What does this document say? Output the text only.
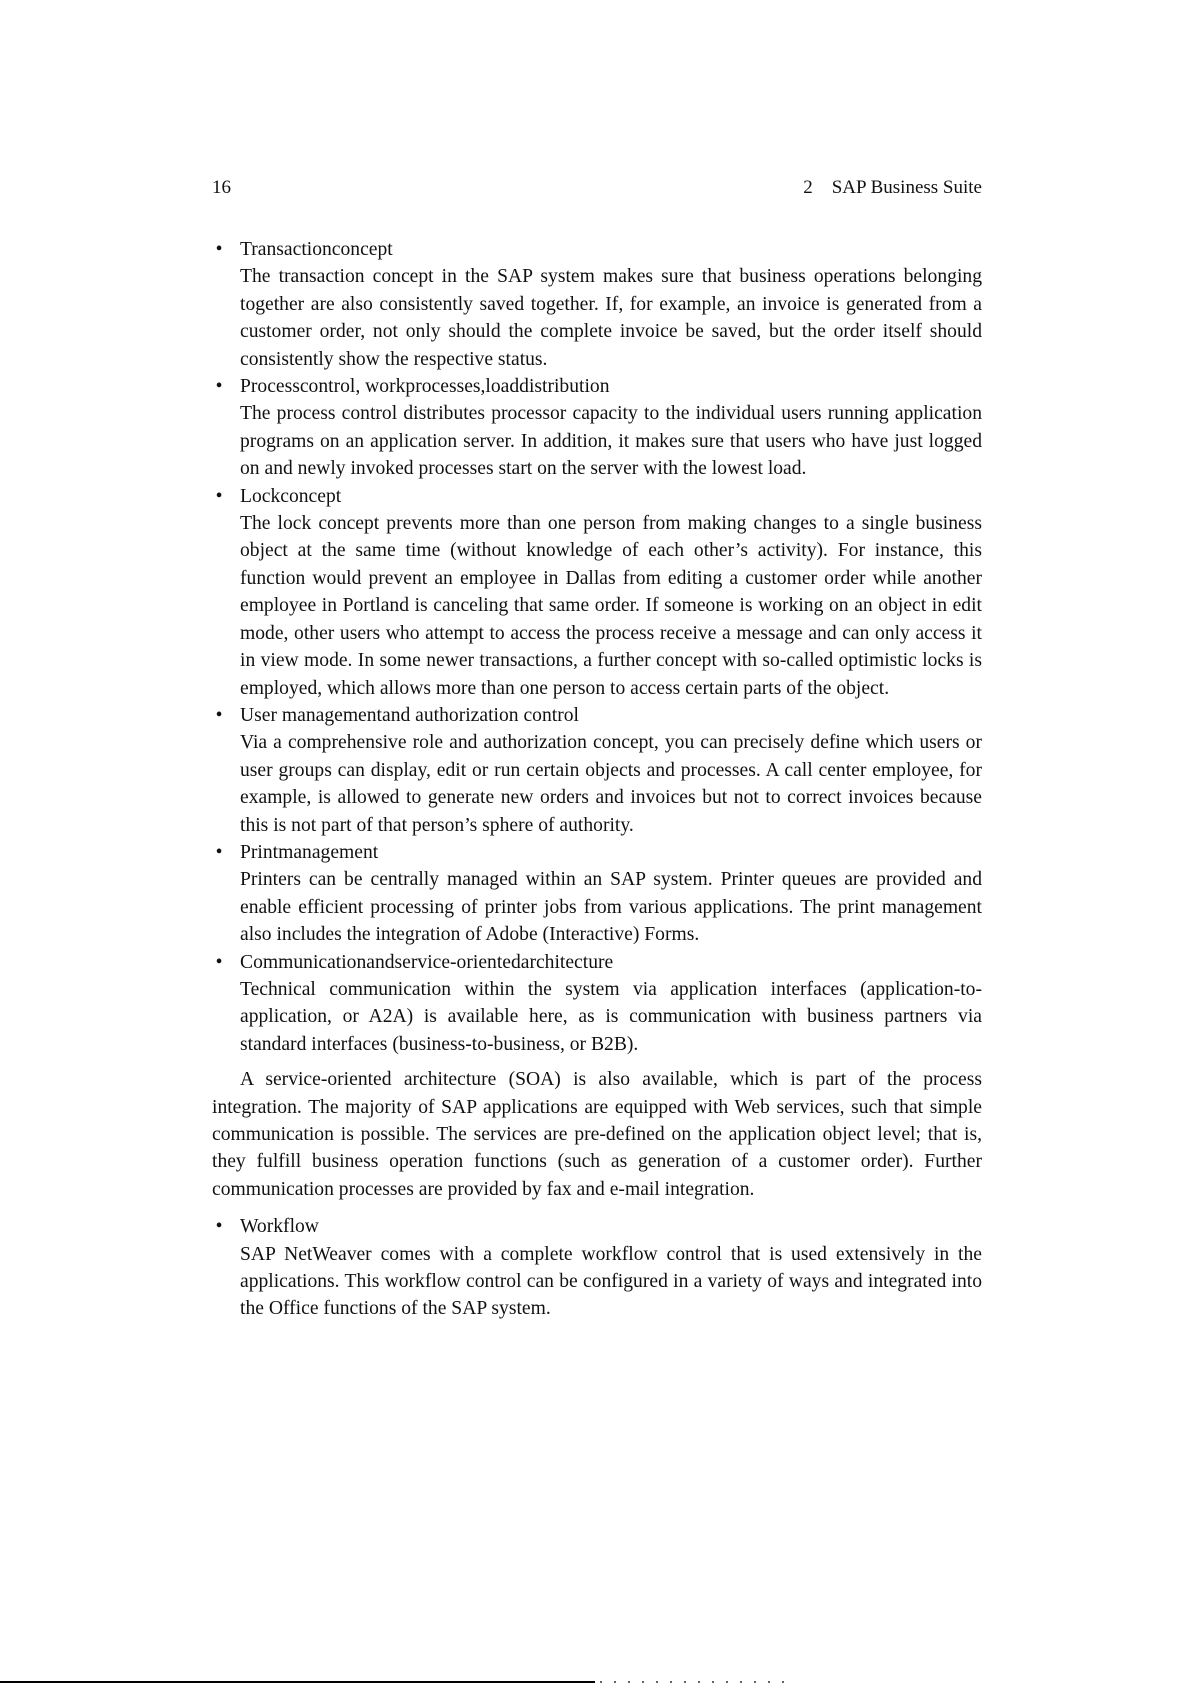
16	2    SAP Business Suite
• Transactionconcept
The transaction concept in the SAP system makes sure that business operations belonging together are also consistently saved together. If, for example, an invoice is generated from a customer order, not only should the complete invoice be saved, but the order itself should consistently show the respective status.
• Processcontrol, workprocesses,loaddistribution
The process control distributes processor capacity to the individual users running application programs on an application server. In addition, it makes sure that users who have just logged on and newly invoked processes start on the server with the lowest load.
• Lockconcept
The lock concept prevents more than one person from making changes to a single business object at the same time (without knowledge of each other’s activity). For instance, this function would prevent an employee in Dallas from editing a customer order while another employee in Portland is canceling that same order. If someone is working on an object in edit mode, other users who attempt to access the process receive a message and can only access it in view mode. In some newer transactions, a further concept with so-called optimistic locks is employed, which allows more than one person to access certain parts of the object.
• User managementand authorization control
Via a comprehensive role and authorization concept, you can precisely define which users or user groups can display, edit or run certain objects and processes. A call center employee, for example, is allowed to generate new orders and invoices but not to correct invoices because this is not part of that person’s sphere of authority.
• Printmanagement
Printers can be centrally managed within an SAP system. Printer queues are provided and enable efficient processing of printer jobs from various applications. The print management also includes the integration of Adobe (Interactive) Forms.
• Communicationandservice-orientedarchitecture
Technical communication within the system via application interfaces (application-to-application, or A2A) is available here, as is communication with business partners via standard interfaces (business-to-business, or B2B).

A service-oriented architecture (SOA) is also available, which is part of the process integration. The majority of SAP applications are equipped with Web services, such that simple communication is possible. The services are pre-defined on the application object level; that is, they fulfill business operation functions (such as generation of a customer order). Further communication processes are provided by fax and e-mail integration.

• Workflow
SAP NetWeaver comes with a complete workflow control that is used extensively in the applications. This workflow control can be configured in a variety of ways and integrated into the Office functions of the SAP system.
